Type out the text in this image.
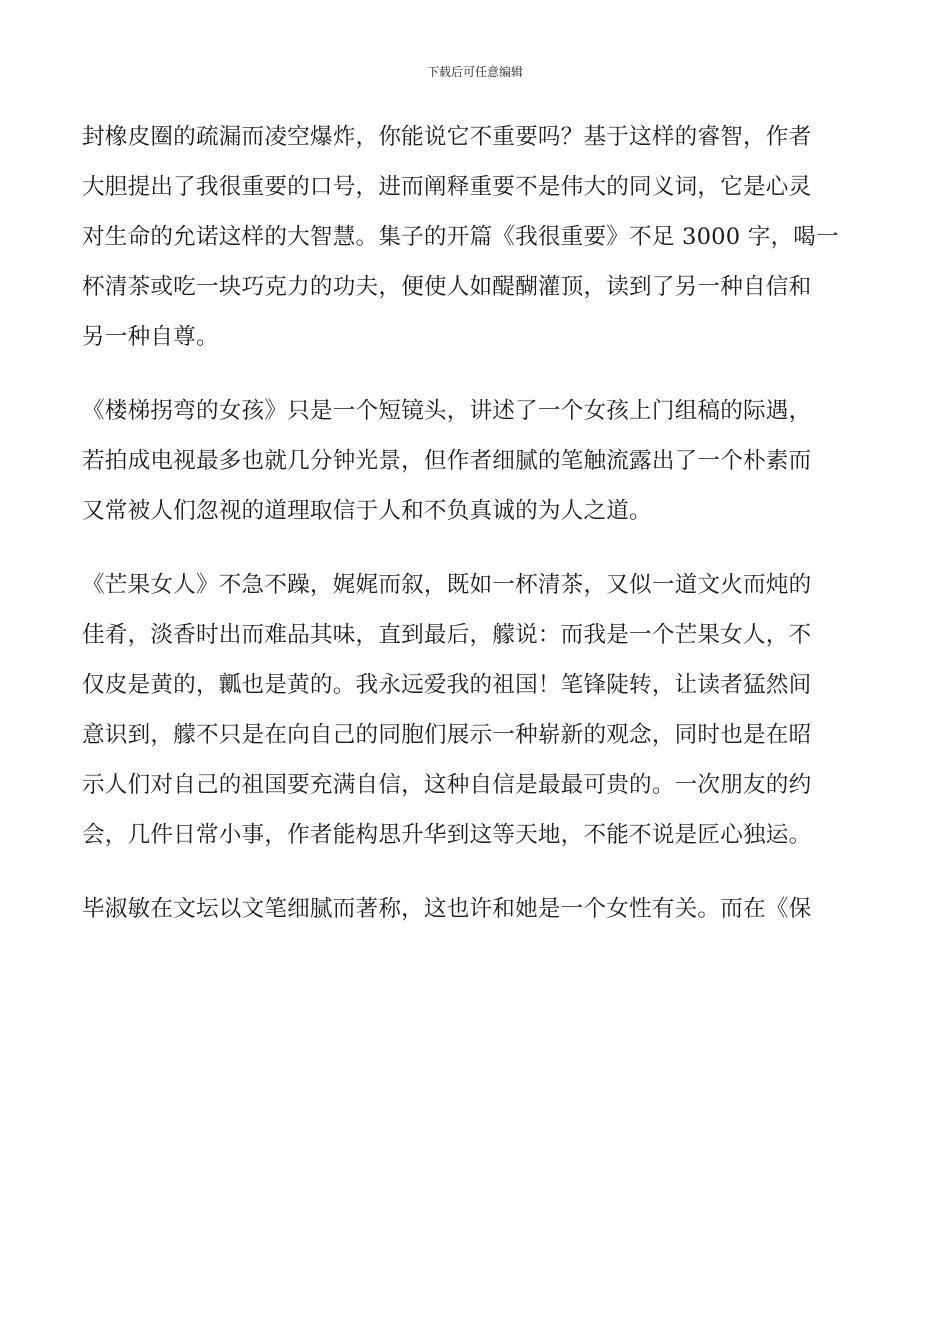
下载后可任意编辑
封橡皮圈的疏漏而凌空爆炸，你能说它不重要吗？基于这样的睿智，作者
大胆提出了我很重要的口号，进而阐释重要不是伟大的同义词，它是心灵
对生命的允诺这样的大智慧。集子的开篇《我很重要》不足 3000 字，喝一
杯清茶或吃一块巧克力的功夫，便使人如醍醐灌顶，读到了另一种自信和
另一种自尊。
《楼梯拐弯的女孩》只是一个短镜头，讲述了一个女孩上门组稿的际遇，
若拍成电视最多也就几分钟光景，但作者细腻的笔触流露出了一个朴素而
又常被人们忽视的道理取信于人和不负真诚的为人之道。
《芒果女人》不急不躁，娓娓而叙，既如一杯清茶，又似一道文火而炖的
佳肴，淡香时出而难品其味，直到最后，艨说：而我是一个芒果女人，不
仅皮是黄的，瓤也是黄的。我永远爱我的祖国！笔锋陡转，让读者猛然间
意识到，艨不只是在向自己的同胞们展示一种崭新的观念，同时也是在昭
示人们对自己的祖国要充满自信，这种自信是最最可贵的。一次朋友的约
会，几件日常小事，作者能构思升华到这等天地，不能不说是匠心独运。
毕淑敏在文坛以文笔细腻而著称，这也许和她是一个女性有关。而在《保
